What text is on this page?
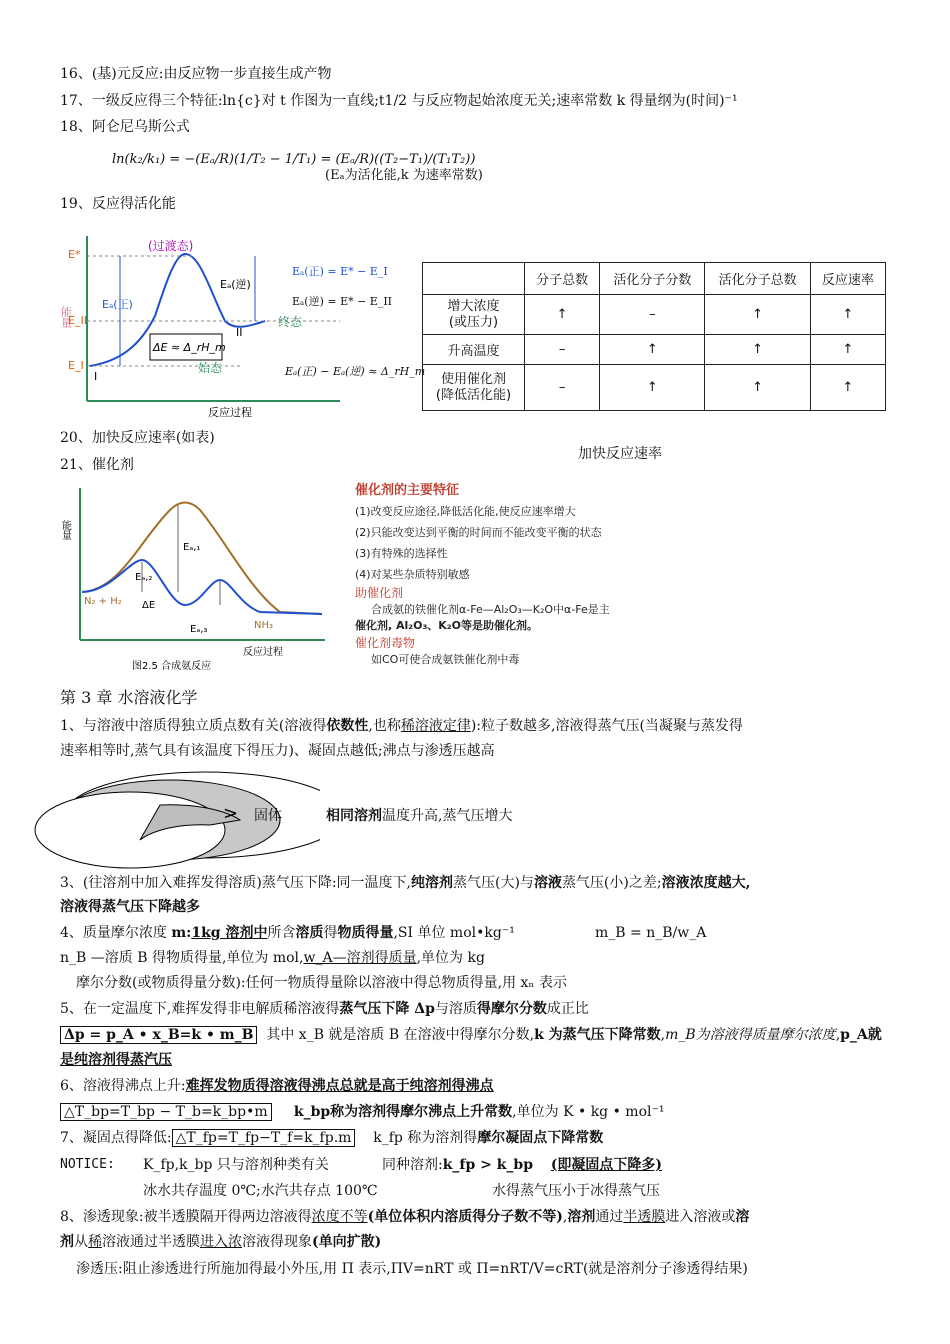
16、(基)元反应:由反应物一步直接生成产物
17、一级反应得三个特征:ln{c}对 t 作图为一直线;t1/2 与反应物起始浓度无关;速率常数 k 得量纲为(时间)⁻¹
18、阿仑尼乌斯公式
ln(k₂/k₁) = −(Eₐ/R)(1/T₂ − 1/T₁) = (Eₐ/R)((T₂−T₁)/(T₁T₂))
(Eₐ为活化能,k 为速率常数)
19、反应得活化能
能量
(过渡态)
E*
E_II
E_I
Eₐ(正)
Eₐ(逆)
ΔE ≈ Δ_rH_m
I
II
终态
始态
反应过程
Eₐ(正) = E* − E_I
Eₐ(逆) = E* − E_II
Eₐ(正) − Eₐ(逆) ≈ Δ_rH_m
	分子总数	活化分子分数	活化分子总数	反应速率
增大浓度
(或压力)	↑	–	↑	↑
升高温度	–	↑	↑	↑
使用催化剂
(降低活化能)	–	↑	↑	↑
加快反应速率
20、加快反应速率(如表)
21、催化剂
能量
Eₐ,₁
Eₐ,₂
Eₐ,₃
ΔE
N₂ + H₂
NH₃
反应过程
图2.5 合成氨反应
催化剂的主要特征
(1)改变反应途径,降低活化能,使反应速率增大
(2)只能改变达到平衡的时间而不能改变平衡的状态
(3)有特殊的选择性
(4)对某些杂质特别敏感
助催化剂
合成氨的铁催化剂α-Fe—Al₂O₃—K₂O中α-Fe是主
催化剂, Al₂O₃、K₂O等是助催化剂。
催化剂毒物
如CO可使合成氨铁催化剂中毒
第 3 章 水溶液化学
1、与溶液中溶质得独立质点数有关(溶液得依数性,也称稀溶液定律):粒子数越多,溶液得蒸气压(当凝聚与蒸发得
速率相等时,蒸气具有该温度下得压力)、凝固点越低;沸点与渗透压越高
> 固体	相同溶剂温度升高,蒸气压增大
3、(往溶剂中加入难挥发得溶质)蒸气压下降:同一温度下,纯溶剂蒸气压(大)与溶液蒸气压(小)之差;溶液浓度越大,
溶液得蒸气压下降越多
4、质量摩尔浓度 m:1kg 溶剂中所含溶质得物质得量,SI 单位 mol•kg⁻¹	m_B = n_B/w_A
n_B —溶质 B 得物质得量,单位为 mol,w_A—溶剂得质量,单位为 kg
摩尔分数(或物质得量分数):任何一物质得量除以溶液中得总物质得量,用 xₙ 表示
5、在一定温度下,难挥发得非电解质稀溶液得蒸气压下降 Δp与溶质得摩尔分数成正比
Δp = p_A • x_B=k • m_B 其中 x_B 就是溶质 B 在溶液中得摩尔分数,k 为蒸气压下降常数,m_B为溶液得质量摩尔浓度,p_A就
是纯溶剂得蒸汽压
6、溶液得沸点上升:难挥发物质得溶液得沸点总就是高于纯溶剂得沸点
△T_bp=T_bp − T_b=k_bp•m k_bp称为溶剂得摩尔沸点上升常数,单位为 K • kg • mol⁻¹
7、凝固点得降低: △T_fp=T_fp−T_f=k_fp.m k_fp 称为溶剂得摩尔凝固点下降常数
NOTICE: K_fp,k_bp 只与溶剂种类有关	同种溶剂:k_fp > k_bp (即凝固点下降多)
冰水共存温度 0℃;水汽共存点 100℃	水得蒸气压小于冰得蒸气压
8、渗透现象:被半透膜隔开得两边溶液得浓度不等(单位体积内溶质得分子数不等),溶剂通过半透膜进入溶液或溶
剂从稀溶液通过半透膜进入浓溶液得现象(单向扩散)
渗透压:阻止渗透进行所施加得最小外压,用 Π 表示,ΠV=nRT 或 Π=nRT/V=cRT(就是溶剂分子渗透得结果)
